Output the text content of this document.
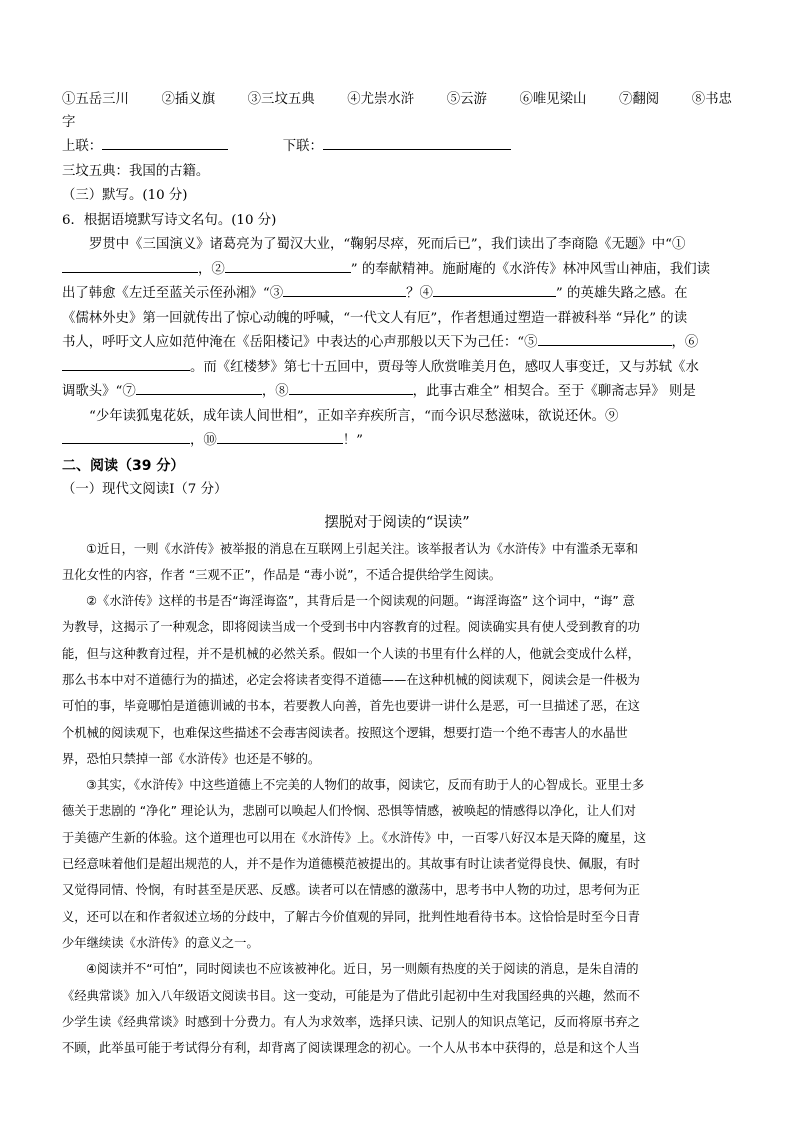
①五岳三川 ②插义旗 ③三坟五典 ④尤崇水浒 ⑤云游 ⑥唯见梁山 ⑦翻阅 ⑧书忠
字
上联：	下联：
三坟五典：我国的古籍。
（三）默写。(10 分)
6．根据语境默写诗文名句。(10 分)
罗贯中《三国演义》诸葛亮为了蜀汉大业，“鞠躬尽瘁，死而后已”，我们读出了李商隐《无题》中“①
，②	” 的奉献精神。施耐庵的《水浒传》林冲风雪山神庙，我们读
出了韩愈《左迁至蓝关示侄孙湘》“③	？④	” 的英雄失路之感。在
《儒林外史》第一回就传出了惊心动魄的呼喊，“一代文人有厄”，作者想通过塑造一群被科举 “异化” 的读
书人，呼吁文人应如范仲淹在《岳阳楼记》中表达的心声那般以天下为己任：“⑤	，⑥
。而《红楼梦》第七十五回中，贾母等人欣赏唯美月色，感叹人事变迁，又与苏轼《水
调歌头》“⑦	，⑧	，此事古难全” 相契合。至于《聊斋志异》 则是
“少年读狐鬼花妖，成年读人间世相”，正如辛弃疾所言，“而今识尽愁滋味，欲说还休。⑨
，⑩	！”
二、阅读（39 分）
（一）现代文阅读Ⅰ（7 分）
摆脱对于阅读的“误读”
①近日，一则《水浒传》被举报的消息在互联网上引起关注。该举报者认为《水浒传》中有滥杀无辜和
丑化女性的内容，作者 “三观不正”，作品是 “毒小说”，不适合提供给学生阅读。
②《水浒传》这样的书是否“诲淫诲盗”，其背后是一个阅读观的问题。“诲淫诲盗” 这个词中，“诲” 意
为教导，这揭示了一种观念，即将阅读当成一个受到书中内容教育的过程。阅读确实具有使人受到教育的功
能，但与这种教育过程，并不是机械的必然关系。假如一个人读的书里有什么样的人，他就会变成什么样，
那么书本中对不道德行为的描述，必定会将读者变得不道德——在这种机械的阅读观下，阅读会是一件极为
可怕的事，毕竟哪怕是道德训诫的书本，若要教人向善，首先也要讲一讲什么是恶，可一旦描述了恶，在这
个机械的阅读观下，也难保这些描述不会毒害阅读者。按照这个逻辑，想要打造一个绝不毒害人的水晶世
界，恐怕只禁掉一部《水浒传》也还是不够的。
③其实，《水浒传》中这些道德上不完美的人物们的故事，阅读它，反而有助于人的心智成长。亚里士多
德关于悲剧的 “净化” 理论认为，悲剧可以唤起人们怜悯、恐惧等情感，被唤起的情感得以净化，让人们对
于美德产生新的体验。这个道理也可以用在《水浒传》上。《水浒传》中，一百零八好汉本是天降的魔星，这
已经意味着他们是超出规范的人，并不是作为道德模范被提出的。其故事有时让读者觉得良快、佩服，有时
又觉得同情、怜悯，有时甚至是厌恶、反感。读者可以在情感的激荡中，思考书中人物的功过，思考何为正
义，还可以在和作者叙述立场的分歧中，了解古今价值观的异同，批判性地看待书本。这恰恰是时至今日青
少年继续读《水浒传》的意义之一。
④阅读并不“可怕”，同时阅读也不应该被神化。近日，另一则颇有热度的关于阅读的消息，是朱自清的
《经典常谈》加入八年级语文阅读书目。这一变动，可能是为了借此引起初中生对我国经典的兴趣，然而不
少学生读《经典常谈》时感到十分费力。有人为求效率，选择只读、记别人的知识点笔记，反而将原书弃之
不顾，此举虽可能于考试得分有利，却背离了阅读课理念的初心。一个人从书本中获得的，总是和这个人当
